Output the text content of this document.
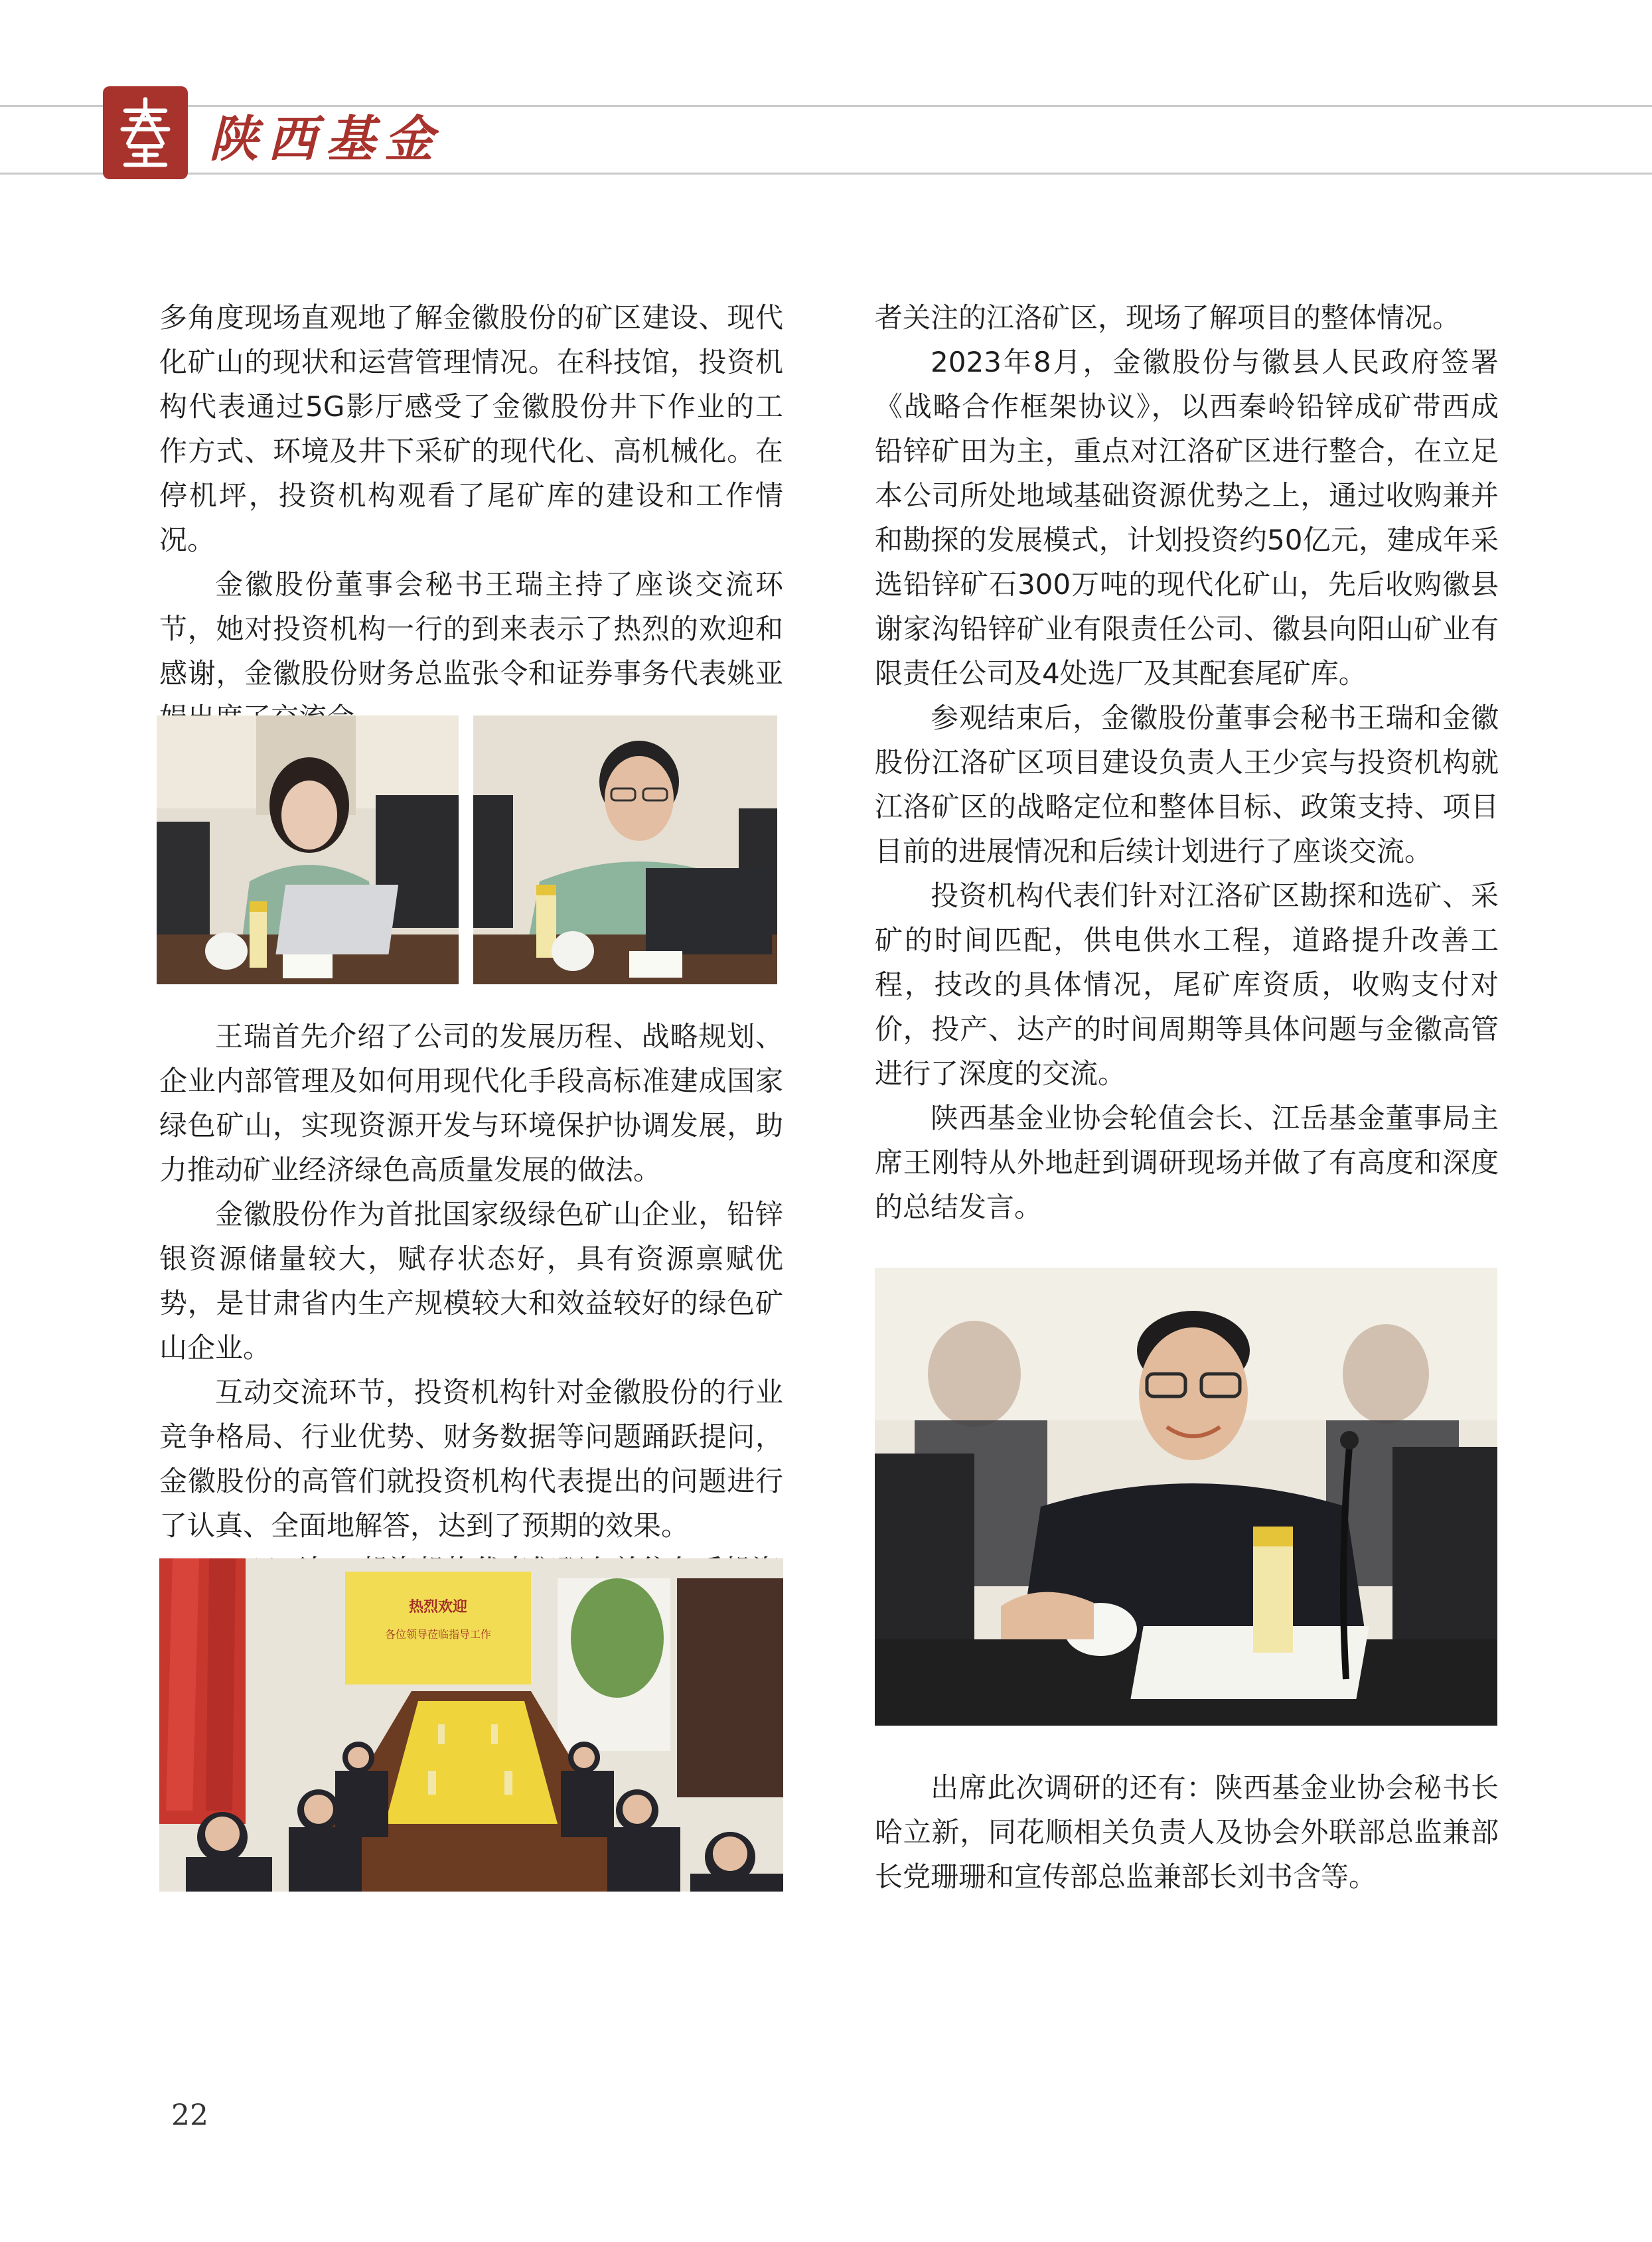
陕西基金

多角度现场直观地了解金徽股份的矿区建设、现代化矿山的现状和运营管理情况。在科技馆，投资机构代表通过5G影厅感受了金徽股份井下作业的工作方式、环境及井下采矿的现代化、高机械化。在停机坪，投资机构观看了尾矿库的建设和工作情况。

金徽股份董事会秘书王瑞主持了座谈交流环节，她对投资机构一行的到来表示了热烈的欢迎和感谢，金徽股份财务总监张令和证券事务代表姚亚

王瑞首先介绍了公司的发展历程、战略规划、企业内部管理及如何用现代化手段高标准建成国家绿色矿山，实现资源开发与环境保护协调发展，助力推动矿业经济绿色高质量发展的做法。

金徽股份作为首批国家级绿色矿山企业，铅锌银资源储量较大，赋存状态好，具有资源禀赋优势，是甘肃省内生产规模较大和效益较好的绿色矿山企业。

互动交流环节，投资机构针对金徽股份的行业竞争格局、行业优势、财务数据等问题踊跃提问，金徽股份的高管们就投资机构代表提出的问题进行了认真、全面地解答，达到了预期的效果。

热烈欢迎
各位领导莅临指导工作

者关注的江洛矿区，现场了解项目的整体情况。

2023年8月，金徽股份与徽县人民政府签署《战略合作框架协议》，以西秦岭铅锌成矿带西成铅锌矿田为主，重点对江洛矿区进行整合，在立足本公司所处地域基础资源优势之上，通过收购兼并和勘探的发展模式，计划投资约50亿元，建成年采选铅锌矿石300万吨的现代化矿山，先后收购徽县谢家沟铅锌矿业有限责任公司、徽县向阳山矿业有限责任公司及4处选厂及其配套尾矿库。

参观结束后，金徽股份董事会秘书王瑞和金徽股份江洛矿区项目建设负责人王少宾与投资机构就江洛矿区的战略定位和整体目标、政策支持、项目目前的进展情况和后续计划进行了座谈交流。

投资机构代表们针对江洛矿区勘探和选矿、采矿的时间匹配，供电供水工程，道路提升改善工程，技改的具体情况，尾矿库资质，收购支付对价，投产、达产的时间周期等具体问题与金徽高管进行了深度的交流。

陕西基金业协会轮值会长、江岳基金董事局主席王刚特从外地赶到调研现场并做了有高度和深度的总结发言。

出席此次调研的还有：陕西基金业协会秘书长哈立新，同花顺相关负责人及协会外联部总监兼部长党珊珊和宣传部总监兼部长刘书含等。

22
